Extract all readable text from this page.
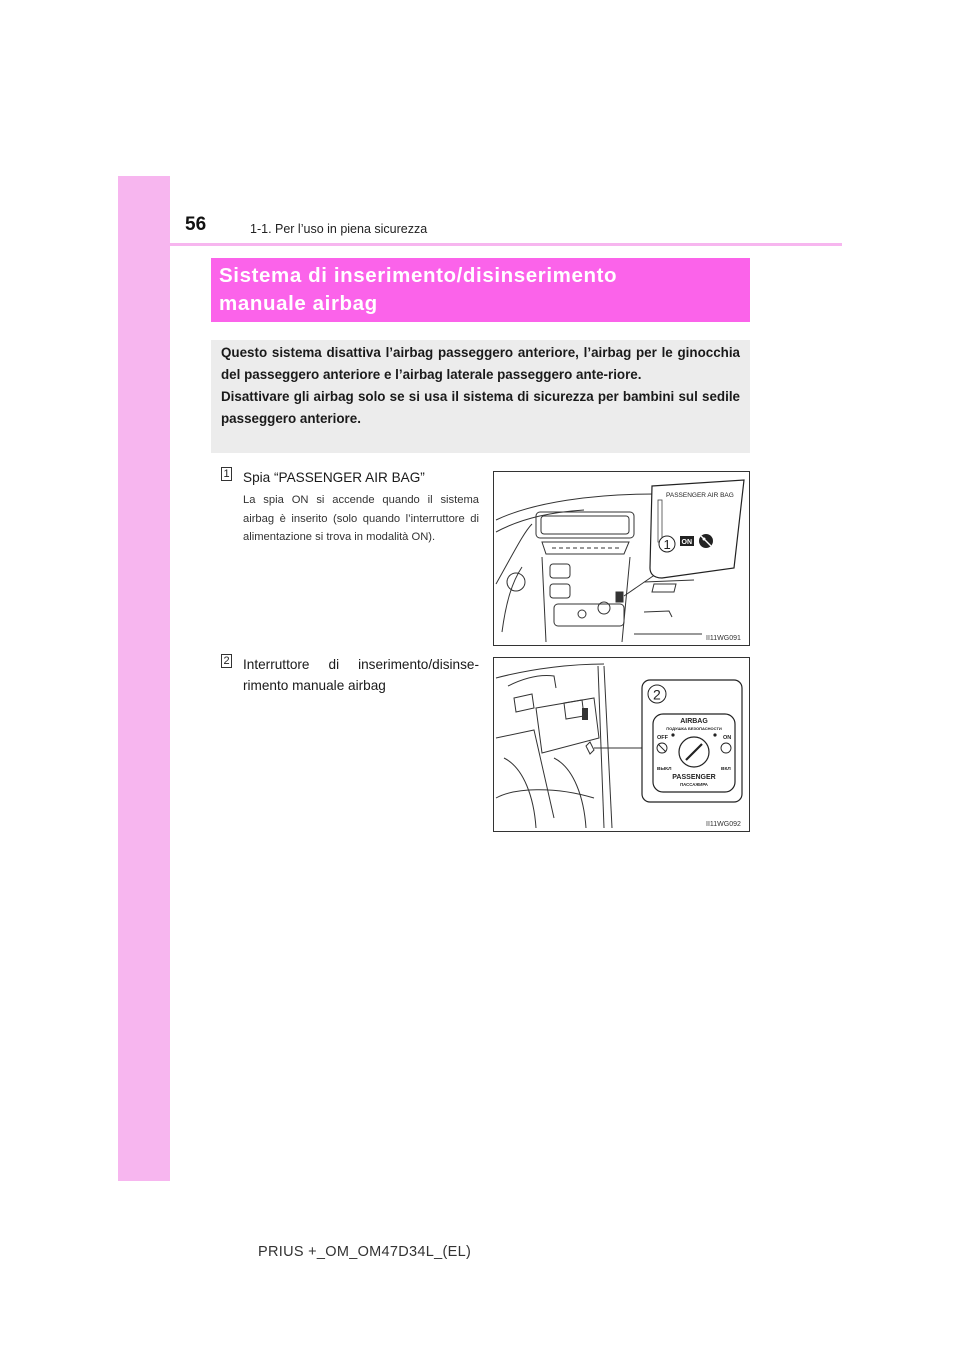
56	1-1. Per l’uso in piena sicurezza
Sistema di inserimento/disinserimento
manuale airbag

Questo sistema disattiva l’airbag passeggero anteriore, l’airbag per le ginocchia del passeggero anteriore e l’airbag laterale passeggero ante-riore.

Disattivare gli airbag solo se si usa il sistema di sicurezza per bambini sul sedile passeggero anteriore.

1 Spia “PASSENGER AIR BAG”
La spia ON si accende quando il sistema airbag è inserito (solo quando l’interruttore di alimentazione si trova in modalità ON).
PASSENGER AIR BAG
1 ON
II11WG091
2 Interruttore di inserimento/disinse-rimento manuale airbag
2
AIRBAG
ПОДУШКА БЕЗОПАСНОСТИ
OFF	ON
ВЫКЛ	ВКЛ
PASSENGER
ПАССАЖИРА
II11WG092
PRIUS +_OM_OM47D34L_(EL)
